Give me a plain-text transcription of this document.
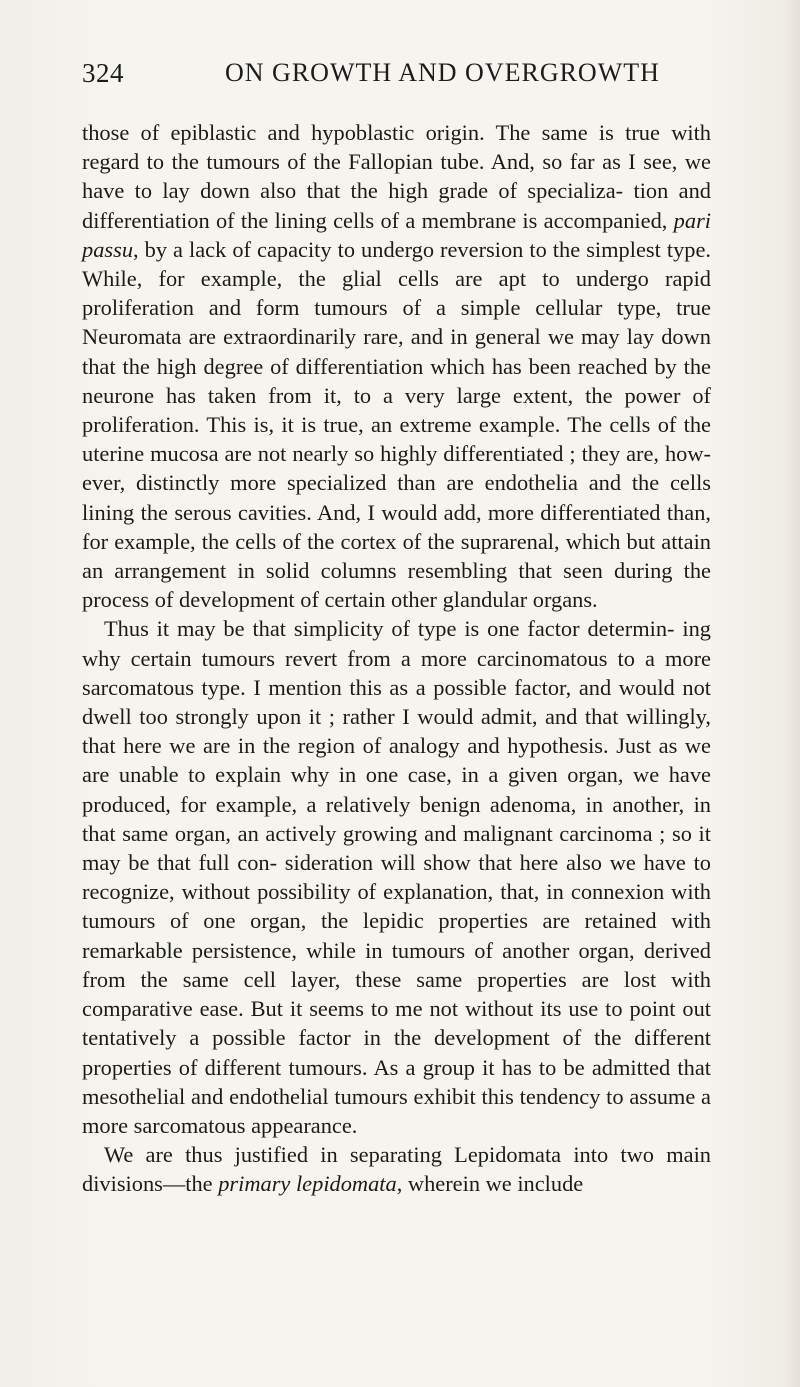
324	ON GROWTH AND OVERGROWTH

those of epiblastic and hypoblastic origin. The same is true with regard to the tumours of the Fallopian tube. And, so far as I see, we have to lay down also that the high grade of specializa- tion and differentiation of the lining cells of a membrane is accompanied, pari passu, by a lack of capacity to undergo reversion to the simplest type. While, for example, the glial cells are apt to undergo rapid proliferation and form tumours of a simple cellular type, true Neuromata are extraordinarily rare, and in general we may lay down that the high degree of differentiation which has been reached by the neurone has taken from it, to a very large extent, the power of proliferation. This is, it is true, an extreme example. The cells of the uterine mucosa are not nearly so highly differentiated ; they are, how- ever, distinctly more specialized than are endothelia and the cells lining the serous cavities. And, I would add, more differentiated than, for example, the cells of the cortex of the suprarenal, which but attain an arrangement in solid columns resembling that seen during the process of development of certain other glandular organs.

Thus it may be that simplicity of type is one factor determin- ing why certain tumours revert from a more carcinomatous to a more sarcomatous type. I mention this as a possible factor, and would not dwell too strongly upon it ; rather I would admit, and that willingly, that here we are in the region of analogy and hypothesis. Just as we are unable to explain why in one case, in a given organ, we have produced, for example, a relatively benign adenoma, in another, in that same organ, an actively growing and malignant carcinoma ; so it may be that full con- sideration will show that here also we have to recognize, without possibility of explanation, that, in connexion with tumours of one organ, the lepidic properties are retained with remarkable persistence, while in tumours of another organ, derived from the same cell layer, these same properties are lost with comparative ease. But it seems to me not without its use to point out tentatively a possible factor in the development of the different properties of different tumours. As a group it has to be admitted that mesothelial and endothelial tumours exhibit this tendency to assume a more sarcomatous appearance.

We are thus justified in separating Lepidomata into two main divisions—the primary lepidomata, wherein we include
